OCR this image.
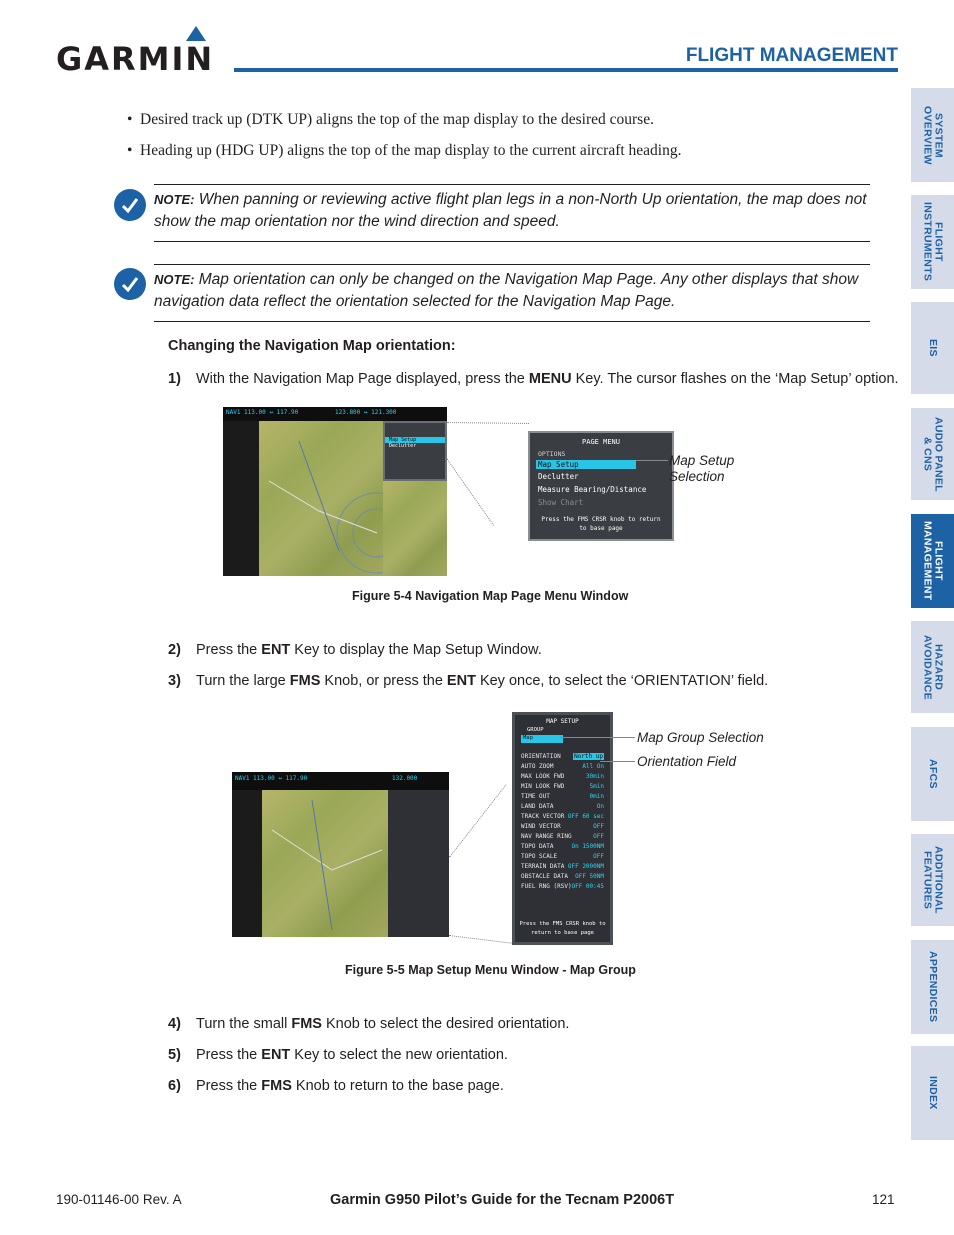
GARMIN	FLIGHT MANAGEMENT
SYSTEM
OVERVIEW
FLIGHT
INSTRUMENTS
EIS
AUDIO PANEL
& CNS
FLIGHT
MANAGEMENT
HAZARD
AVOIDANCE
AFCS
ADDITIONAL
FEATURES
APPENDICES
INDEX
• Desired track up (DTK UP) aligns the top of the map display to the desired course.
• Heading up (HDG UP) aligns the top of the map display to the current aircraft heading.
NOTE: When panning or reviewing active flight plan legs in a non-North Up orientation, the map does not
show the map orientation nor the wind direction and speed.
NOTE: Map orientation can only be changed on the Navigation Map Page. Any other displays that show
navigation data reflect the orientation selected for the Navigation Map Page.
Changing the Navigation Map orientation:
1) With the Navigation Map Page displayed, press the MENU Key. The cursor flashes on the ‘Map Setup’ option.
NAV1 113.00 ↔ 117.90	123.800 ↔ 121.300
Map Setup
Declutter	PAGE MENU
OPTIONS
Map Setup
Declutter
Measure Bearing/Distance
Show Chart
Press the FMS CRSR knob to return to base page
Map Setup
Selection
Figure 5-4 Navigation Map Page Menu Window
2) Press the ENT Key to display the Map Setup Window.
3) Turn the large FMS Knob, or press the ENT Key once, to select the ‘ORIENTATION’ field.
NAV1 113.00 ↔ 117.90	132.000
MAP SETUP
GROUP
Map
ORIENTATION North up
AUTO ZOOM	All On
MAX LOOK FWD	30min
MIN LOOK FWD	5min
TIME OUT	0min
LAND DATA	On
TRACK VECTOR OFF 60 sec
WIND VECTOR	OFF
NAV RANGE RING	OFF
TOPO DATA	On 1500NM
TOPO SCALE	OFF
TERRAIN DATA OFF 2000NM
OBSTACLE DATA OFF 50NM
FUEL RNG (RSV) OFF 00:45
Press the FMS CRSR knob to return to base page
Map Group Selection
Orientation Field
Figure 5-5 Map Setup Menu Window - Map Group
4) Turn the small FMS Knob to select the desired orientation.
5) Press the ENT Key to select the new orientation.
6) Press the FMS Knob to return to the base page.
190-01146-00 Rev. A	Garmin G950 Pilot’s Guide for the Tecnam P2006T	121
